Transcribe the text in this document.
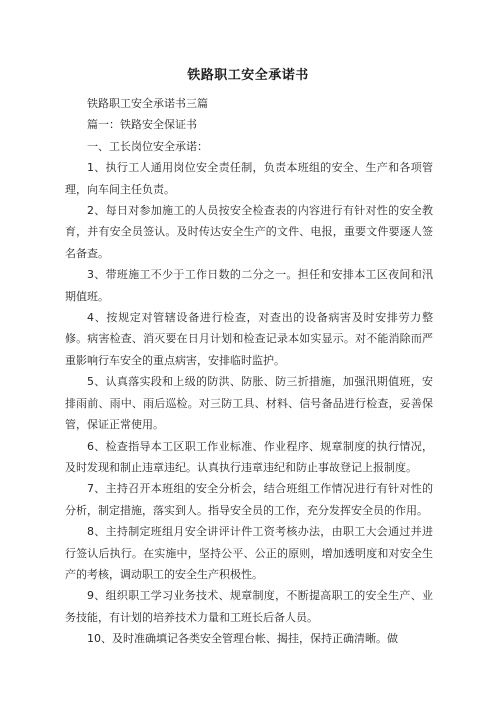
铁路职工安全承诺书

铁路职工安全承诺书三篇

篇一：铁路安全保证书

一、工长岗位安全承诺：

1、执行工人通用岗位安全责任制，负责本班组的安全、生产和各项管理，向车间主任负责。

2、每日对参加施工的人员按安全检查表的内容进行有针对性的安全教育，并有安全员签认。及时传达安全生产的文件、电报，重要文件要逐人签名备查。

3、带班施工不少于工作日数的二分之一。担任和安排本工区夜间和汛期值班。

4、按规定对管辖设备进行检查，对查出的设备病害及时安排劳力整修。病害检查、消灭要在日月计划和检查记录本如实显示。对不能消除而严重影响行车安全的重点病害，安排临时监护。

5、认真落实段和上级的防洪、防胀、防三折措施，加强汛期值班，安排雨前、雨中、雨后巡检。对三防工具、材料、信号备品进行检查，妥善保管，保证正常使用。

6、检查指导本工区职工作业标准、作业程序、规章制度的执行情况，及时发现和制止违章违纪。认真执行违章违纪和防止事故登记上报制度。

7、主持召开本班组的安全分析会，结合班组工作情况进行有针对性的分析，制定措施，落实到人。指导安全员的工作，充分发挥安全员的作用。

8、主持制定班组月安全讲评计件工资考核办法，由职工大会通过并进行签认后执行。在实施中，坚持公平、公正的原则，增加透明度和对安全生产的考核，调动职工的安全生产积极性。

9、组织职工学习业务技术、规章制度，不断提高职工的安全生产、业务技能，有计划的培养技术力量和工班长后备人员。

10、及时准确填记各类安全管理台帐、揭挂，保持正确清晰。做
